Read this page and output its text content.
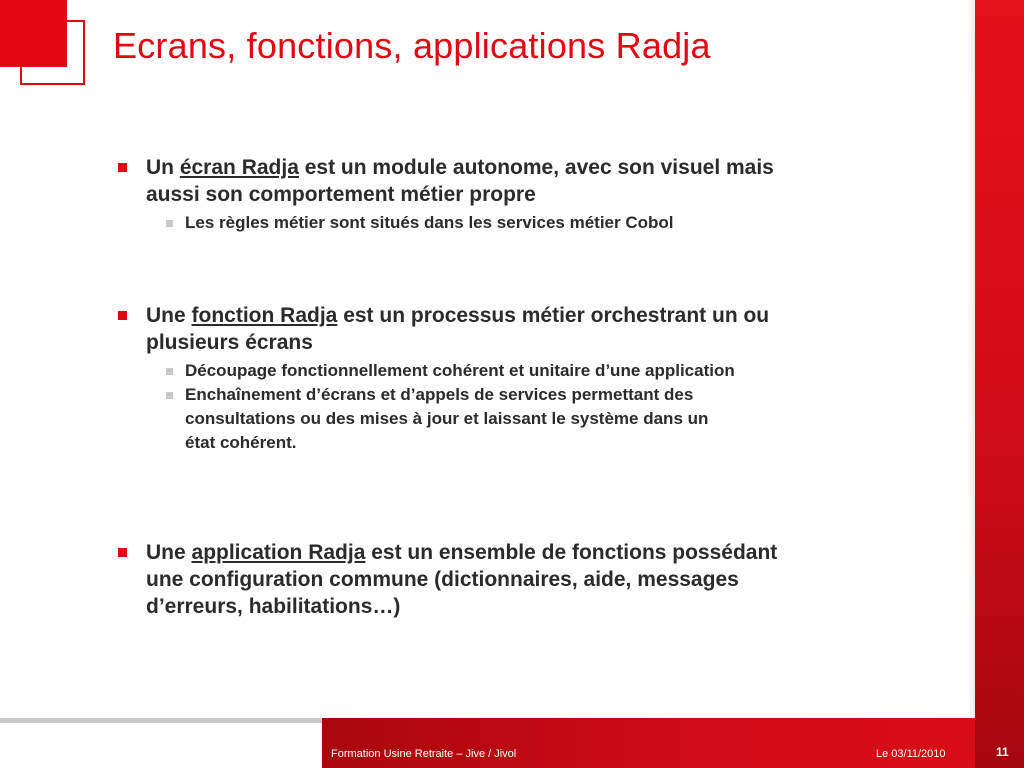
Ecrans, fonctions, applications Radja
Un écran Radja est un module autonome, avec son visuel mais
aussi son comportement métier propre
Les règles métier sont situés dans les services métier Cobol
Une fonction Radja est un processus métier orchestrant un ou
plusieurs écrans
Découpage fonctionnellement cohérent et unitaire d’une application
Enchaînement d’écrans et d’appels de services permettant des
consultations ou des mises à jour et laissant le système dans un
état cohérent.
Une application Radja est un ensemble de fonctions possédant
une configuration commune (dictionnaires, aide, messages
d’erreurs, habilitations…)
Formation Usine Retraite – Jive / Jivol	Le 03/11/2010	11
